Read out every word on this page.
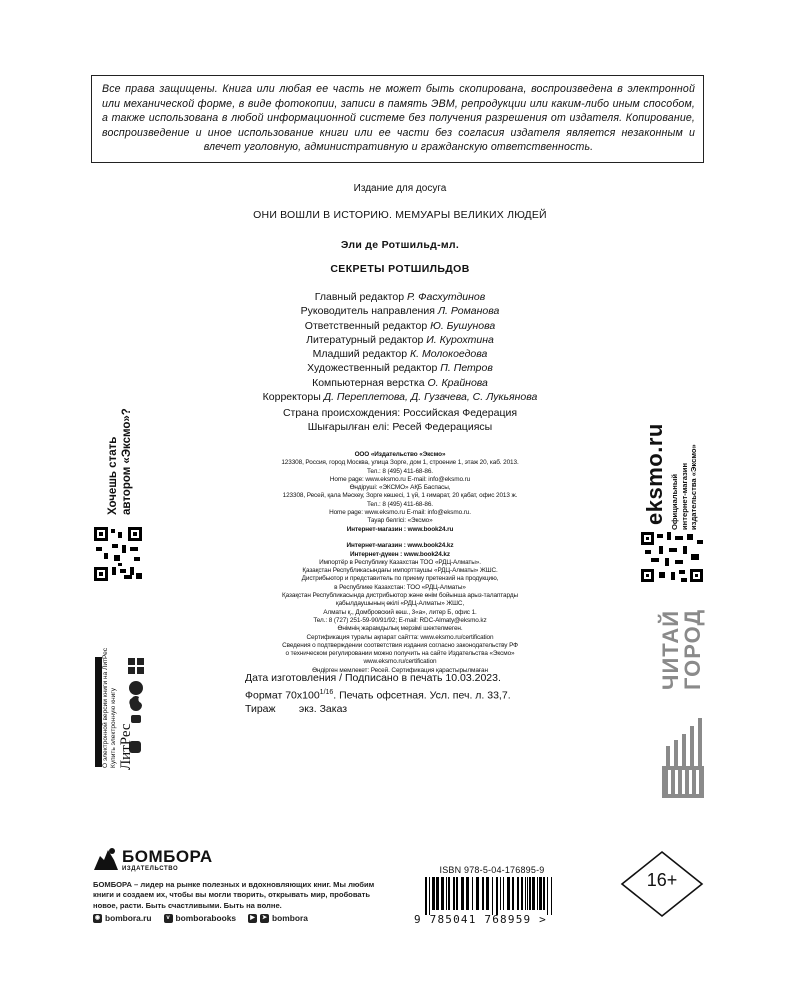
Все права защищены. Книга или любая ее часть не может быть скопирована, воспроизведена в электронной или механической форме, в виде фотокопии, записи в память ЭВМ, репродукции или каким-либо иным способом, а также использована в любой информационной системе без получения разрешения от издателя. Копирование, воспроизведение и иное использование книги или ее части без согласия издателя является незаконным и влечет уголовную, административную и гражданскую ответственность.
Издание для досуга
ОНИ ВОШЛИ В ИСТОРИЮ. МЕМУАРЫ ВЕЛИКИХ ЛЮДЕЙ
Эли де Ротшильд-мл.
СЕКРЕТЫ РОТШИЛЬДОВ
Главный редактор Р. Фасхутдинов
Руководитель направления Л. Романова
Ответственный редактор Ю. Бушунова
Литературный редактор И. Курохтина
Младший редактор К. Молокоедова
Художественный редактор П. Петров
Компьютерная верстка О. Крайнова
Корректоры Д. Переплетова, Д. Гузачева, С. Лукьянова
Страна происхождения: Российская Федерация
Шығарылған елі: Ресей Федерациясы
ООО «Издательство «Эксмо»
123308, Россия, город Москва, улица Зорге, дом 1, строение 1, этаж 20, каб. 2013.
Тел.: 8 (495) 411-68-86.
Home page: www.eksmo.ru E-mail: info@eksmo.ru
Өндіруші: «ЭКСМО» АҚБ Баспасы,
123308, Ресей, қала Мәскеу, Зорге көшесі, 1 үй, 1 ғимарат, 20 қабат, офис 2013 ж.
Тел.: 8 (495) 411-68-86.
Home page: www.eksmo.ru E-mail: info@eksmo.ru.
Тауар белгісі: «Эксмо»
Интернет-магазин : www.book24.ru
Интернет-магазин : www.book24.kz
Интернет-дүкен : www.book24.kz
Импортёр в Республику Казахстан ТОО «РДЦ-Алматы».
Қазақстан Республикасындағы импорттаушы «РДЦ-Алматы» ЖШС.
Дистрибьютор и представитель по приему претензий на продукцию,
в Республике Казахстан: ТОО «РДЦ-Алматы»
Қазақстан Республикасында дистрибьютор және өнім бойынша арыз-талаптарды
қабылдаушының өкілі «РДЦ-Алматы» ЖШС,
Алматы қ., Домбровский көш., 3«а», литер Б, офис 1.
Тел.: 8 (727) 251-59-90/91/92; E-mail: RDC-Almaty@eksmo.kz
Өнімнің жарамдылық мерзімі шектелмеген.
Сертификация туралы ақпарат сайтта: www.eksmo.ru/certification
Сведения о подтверждении соответствия издания согласно законодательству РФ
о техническом регулировании можно получить на сайте Издательства «Эксмо»
www.eksmo.ru/certification
Өндірген мемлекет: Ресей. Сертификация қарастырылмаған
Дата изготовления / Подписано в печать 10.03.2023.
Формат $70x100^{1/16}$. Печать офсетная. Усл. печ. л. 33,7.
Тираж        экз. Заказ
Хочешь стать автором «Эксмо»?	eksmo.ru Официальный интернет-магазин издательства «Эксмо»
О электронной версии книги на ЛитРес Купить электронную книгу ЛитРес
ЧИТАЙ
ГОРОД
БОМБОРА
ИЗДАТЕЛЬСТВО
БОМБОРА – лидер на рынке полезных и вдохновляющих книг. Мы любим книги и создаем их, чтобы вы могли творить, открывать мир, пробовать новое, расти. Быть счастливыми. Быть на волне.
◉ bombora.ru	v bomborabooks	▶ ➤ bombora
ISBN 978-5-04-176895-9
9 785041 768959 >
16+
